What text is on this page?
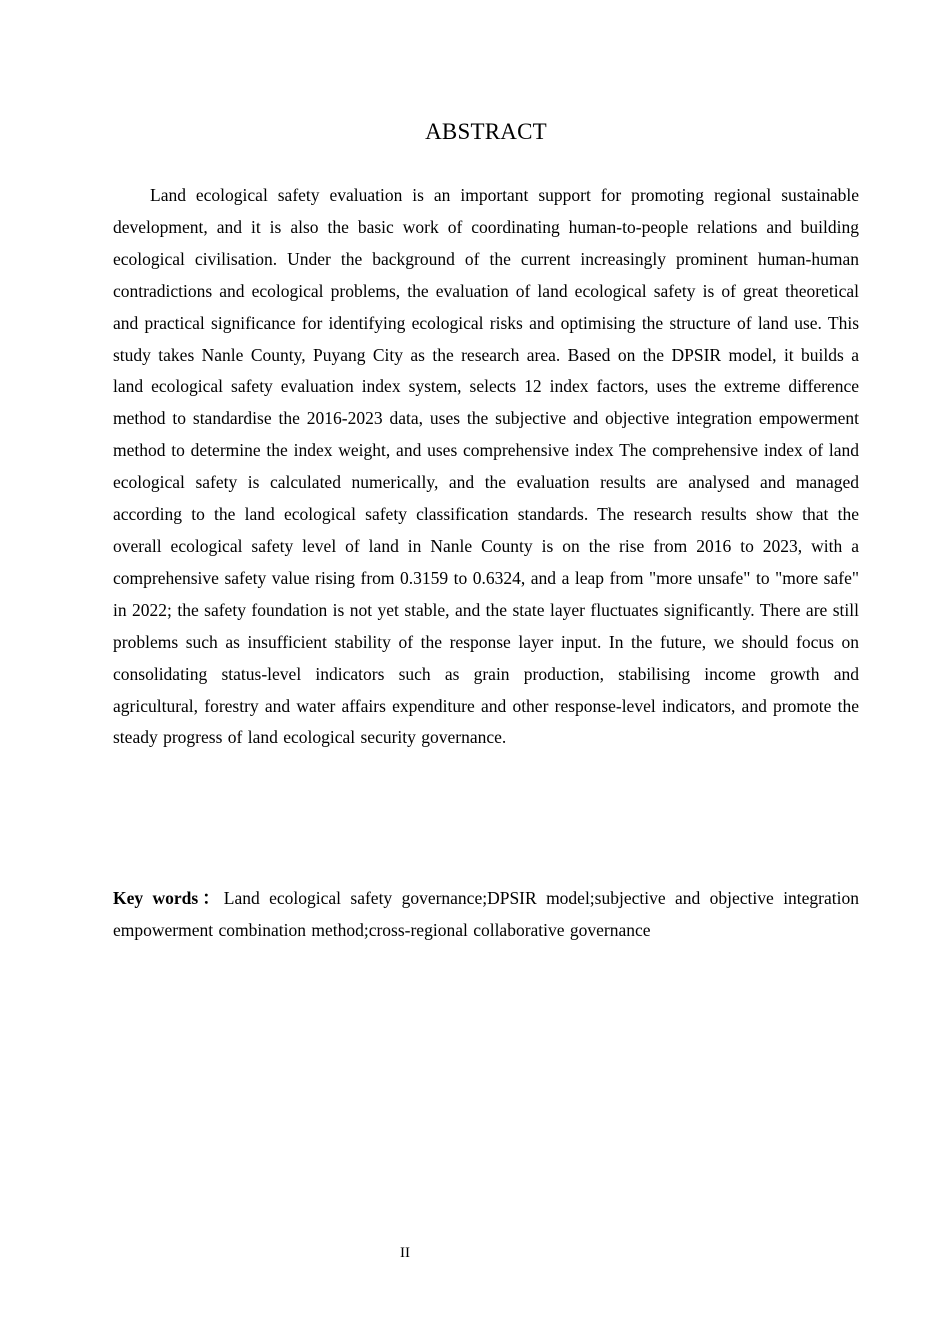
ABSTRACT

Land ecological safety evaluation is an important support for promoting regional sustainable development, and it is also the basic work of coordinating human-to-people relations and building ecological civilisation. Under the background of the current increasingly prominent human-human contradictions and ecological problems, the evaluation of land ecological safety is of great theoretical and practical significance for identifying ecological risks and optimising the structure of land use. This study takes Nanle County, Puyang City as the research area. Based on the DPSIR model, it builds a land ecological safety evaluation index system, selects 12 index factors, uses the extreme difference method to standardise the 2016-2023 data, uses the subjective and objective integration empowerment method to determine the index weight, and uses comprehensive index The comprehensive index of land ecological safety is calculated numerically, and the evaluation results are analysed and managed according to the land ecological safety classification standards. The research results show that the overall ecological safety level of land in Nanle County is on the rise from 2016 to 2023, with a comprehensive safety value rising from 0.3159 to 0.6324, and a leap from "more unsafe" to "more safe" in 2022; the safety foundation is not yet stable, and the state layer fluctuates significantly. There are still problems such as insufficient stability of the response layer input. In the future, we should focus on consolidating status-level indicators such as grain production, stabilising income growth and agricultural, forestry and water affairs expenditure and other response-level indicators, and promote the steady progress of land ecological security governance.

Key words：Land ecological safety governance;DPSIR model;subjective and objective integration empowerment combination method;cross-regional collaborative governance

II
